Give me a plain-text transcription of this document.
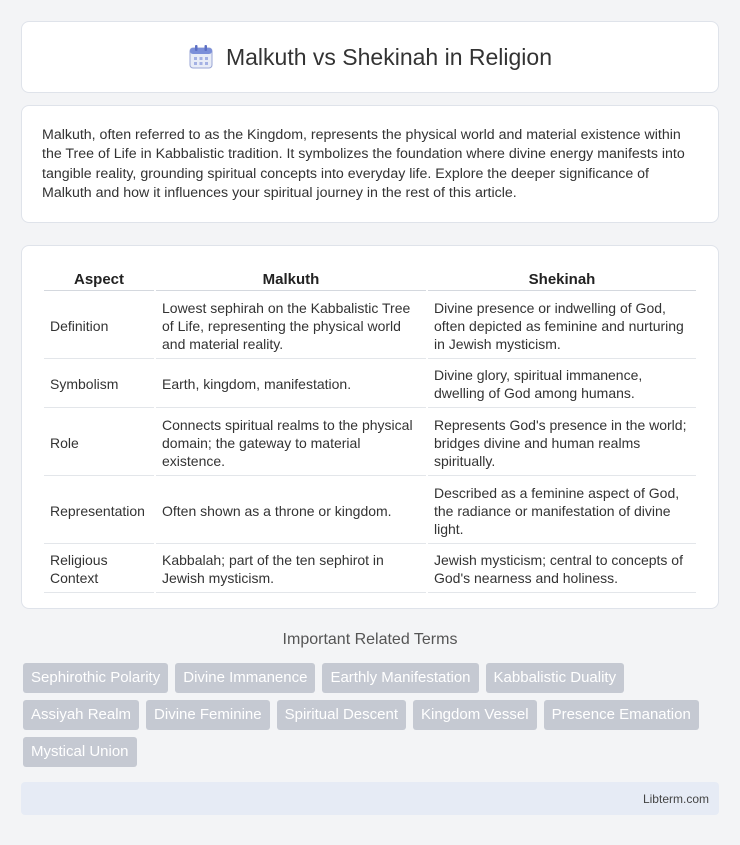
Malkuth vs Shekinah in Religion

Malkuth, often referred to as the Kingdom, represents the physical world and material existence within the Tree of Life in Kabbalistic tradition. It symbolizes the foundation where divine energy manifests into tangible reality, grounding spiritual concepts into everyday life. Explore the deeper significance of Malkuth and how it influences your spiritual journey in the rest of this article.

Aspect	Malkuth	Shekinah
Definition	Lowest sephirah on the Kabbalistic Tree of Life, representing the physical world and material reality.	Divine presence or indwelling of God, often depicted as feminine and nurturing in Jewish mysticism.
Symbolism	Earth, kingdom, manifestation.	Divine glory, spiritual immanence, dwelling of God among humans.
Role	Connects spiritual realms to the physical domain; the gateway to material existence.	Represents God's presence in the world; bridges divine and human realms spiritually.
Representation	Often shown as a throne or kingdom.	Described as a feminine aspect of God, the radiance or manifestation of divine light.
Religious Context	Kabbalah; part of the ten sephirot in Jewish mysticism.	Jewish mysticism; central to concepts of God's nearness and holiness.
Important Related Terms
Sephirothic Polarity	Divine Immanence	Earthly Manifestation	Kabbalistic Duality
Assiyah Realm	Divine Feminine	Spiritual Descent	Kingdom Vessel	Presence Emanation
Mystical Union
Libterm.com
